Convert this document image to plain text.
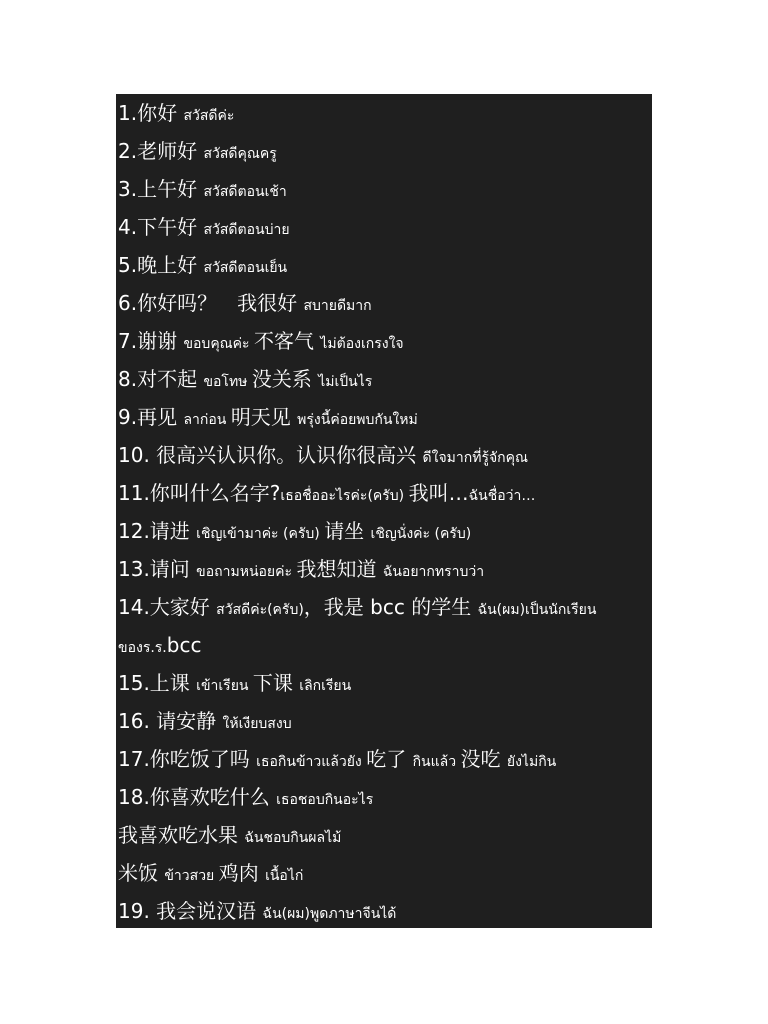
1.你好 สวัสดีค่ะ
2.老师好 สวัสดีคุณครู
3.上午好 สวัสดีตอนเช้า
4.下午好 สวัสดีตอนบ่าย
5.晚上好 สวัสดีตอนเย็น
6.你好吗？　我很好 สบายดีมาก
7.谢谢 ขอบคุณค่ะ 不客气 ไม่ต้องเกรงใจ
8.对不起 ขอโทษ 没关系 ไม่เป็นไร
9.再见 ลาก่อน 明天见 พรุ่งนี้ค่อยพบกันใหม่
10. 很高兴认识你。认识你很高兴 ดีใจมากที่รู้จักคุณ
11.你叫什么名字?เธอชื่ออะไรค่ะ(ครับ) 我叫…ฉันชื่อว่า…
12.请进 เชิญเข้ามาค่ะ (ครับ) 请坐 เชิญนั่งค่ะ (ครับ)
13.请问 ขอถามหน่อยค่ะ 我想知道 ฉันอยากทราบว่า
14.大家好 สวัสดีค่ะ(ครับ)，我是 bcc 的学生 ฉัน(ผม)เป็นนักเรียน
ของร.ร.bcc
15.上课 เข้าเรียน 下课 เลิกเรียน
16. 请安静 ให้เงียบสงบ
17.你吃饭了吗 เธอกินข้าวแล้วยัง 吃了 กินแล้ว 没吃 ยังไม่กิน
18.你喜欢吃什么 เธอชอบกินอะไร
我喜欢吃水果 ฉันชอบกินผลไม้
米饭 ข้าวสวย 鸡肉 เนื้อไก่
19. 我会说汉语 ฉัน(ผม)พูดภาษาจีนได้
